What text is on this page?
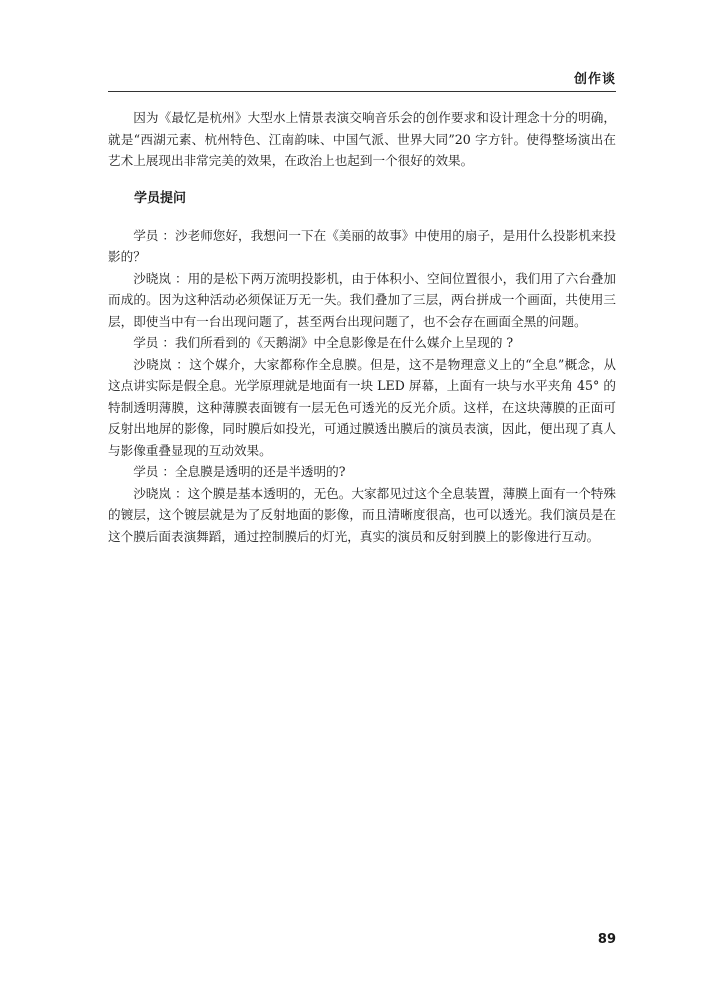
创作谈

因为《最忆是杭州》大型水上情景表演交响音乐会的创作要求和设计理念十分的明确，就是“西湖元素、杭州特色、江南韵味、中国气派、世界大同”20 字方针。使得整场演出在艺术上展现出非常完美的效果，在政治上也起到一个很好的效果。

学员提问

学员 ：沙老师您好，我想问一下在《美丽的故事》中使用的扇子，是用什么投影机来投影的？

沙晓岚 ：用的是松下两万流明投影机，由于体积小、空间位置很小，我们用了六台叠加而成的。因为这种活动必须保证万无一失。我们叠加了三层，两台拼成一个画面，共使用三层，即使当中有一台出现问题了，甚至两台出现问题了，也不会存在画面全黑的问题。

学员 ：我们所看到的《天鹅湖》中全息影像是在什么媒介上呈现的 ?

沙晓岚 ：这个媒介，大家都称作全息膜。但是，这不是物理意义上的“全息”概念，从这点讲实际是假全息。光学原理就是地面有一块 LED 屏幕，上面有一块与水平夹角 45° 的特制透明薄膜，这种薄膜表面镀有一层无色可透光的反光介质。这样，在这块薄膜的正面可反射出地屏的影像，同时膜后如投光，可通过膜透出膜后的演员表演，因此，便出现了真人与影像重叠显现的互动效果。

学员 ：全息膜是透明的还是半透明的?

沙晓岚 ：这个膜是基本透明的，无色。大家都见过这个全息装置，薄膜上面有一个特殊的镀层，这个镀层就是为了反射地面的影像，而且清晰度很高，也可以透光。我们演员是在这个膜后面表演舞蹈，通过控制膜后的灯光，真实的演员和反射到膜上的影像进行互动。

89
